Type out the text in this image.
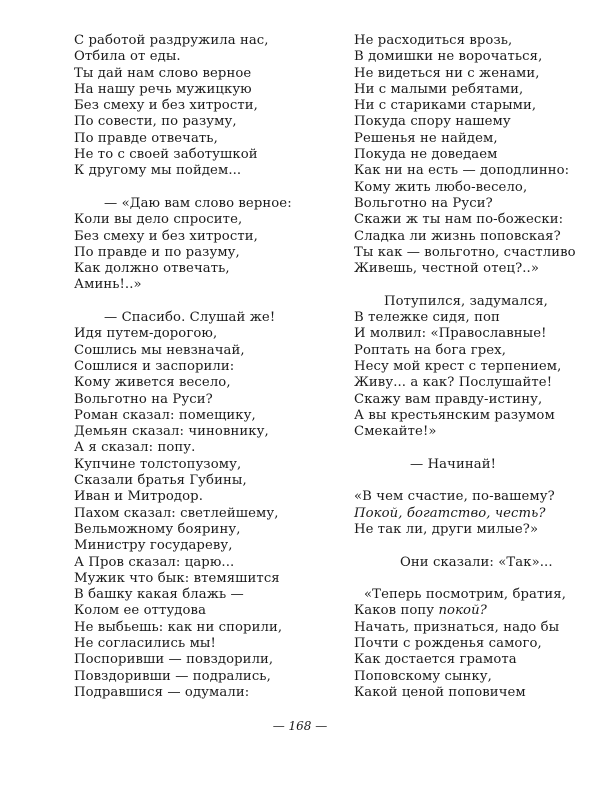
С работой раздружила нас,
Отбила от еды.
Ты дай нам слово верное
На нашу речь мужицкую
Без смеху и без хитрости,
По совести, по разуму,
По правде отвечать,
Не то с своей заботушкой
К другому мы пойдем...
— «Даю вам слово верное:
Коли вы дело спросите,
Без смеху и без хитрости,
По правде и по разуму,
Как должно отвечать,
Аминь!..»
— Спасибо. Слушай же!
Идя путем-дорогою,
Сошлись мы невзначай,
Сошлися и заспорили:
Кому живется весело,
Вольготно на Руси?
Роман сказал: помещику,
Демьян сказал: чиновнику,
А я сказал: попу.
Купчине толстопузому,
Сказали братья Губины,
Иван и Митродор.
Пахом сказал: светлейшему,
Вельможному боярину,
Министру государеву,
А Пров сказал: царю...
Мужик что бык: втемяшится
В башку какая блажь —
Колом ее оттудова
Не выбьешь: как ни спорили,
Не согласились мы!
Поспоривши — повздорили,
Повздоривши — подрались,
Подравшися — одумали:
Не расходиться врозь,
В домишки не ворочаться,
Не видеться ни с женами,
Ни с малыми ребятами,
Ни с стариками старыми,
Покуда спору нашему
Решенья не найдем,
Покуда не доведаем
Как ни на есть — доподлинно:
Кому жить любо-весело,
Вольготно на Руси?
Скажи ж ты нам по-божески:
Сладка ли жизнь поповская?
Ты как — вольготно, счастливо
Живешь, честной отец?..»
Потупился, задумался,
В тележке сидя, поп
И молвил: «Православные!
Роптать на бога грех,
Несу мой крест с терпением,
Живу... а как? Послушайте!
Скажу вам правду-истину,
А вы крестьянским разумом
Смекайте!»
— Начинай!
«В чем счастие, по-вашему?
Покой, богатство, честь?
Не так ли, други милые?»
Они сказали: «Так»...
«Теперь посмотрим, братия,
Каков попу покой?
Начать, признаться, надо бы
Почти с рожденья самого,
Как достается грамота
Поповскому сынку,
Какой ценой поповичем
— 168 —
